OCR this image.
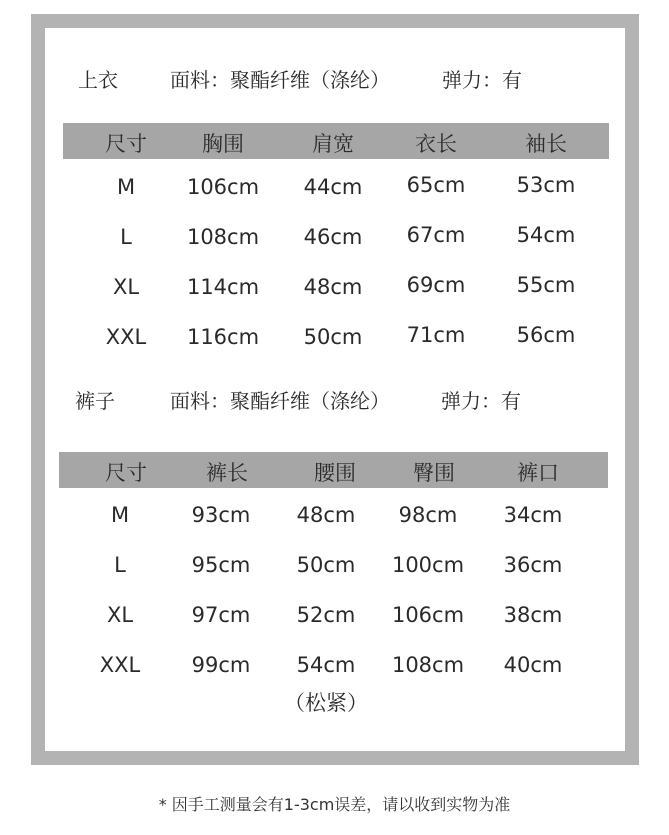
上衣	面料：聚酯纤维（涤纶）	弹力：有
尺寸	胸围	肩宽	衣长	袖长
M	106cm	44cm	65cm	53cm
L	108cm	46cm	67cm	54cm
XL	114cm	48cm	69cm	55cm
XXL	116cm	50cm	71cm	56cm
裤子	面料：聚酯纤维（涤纶）	弹力：有
尺寸	裤长	腰围	臀围	裤口
M	93cm	48cm	98cm	34cm
L	95cm	50cm	100cm	36cm
XL	97cm	52cm	106cm	38cm
XXL	99cm	54cm	108cm	40cm
（松紧）
* 因手工测量会有1-3cm误差，请以收到实物为准
